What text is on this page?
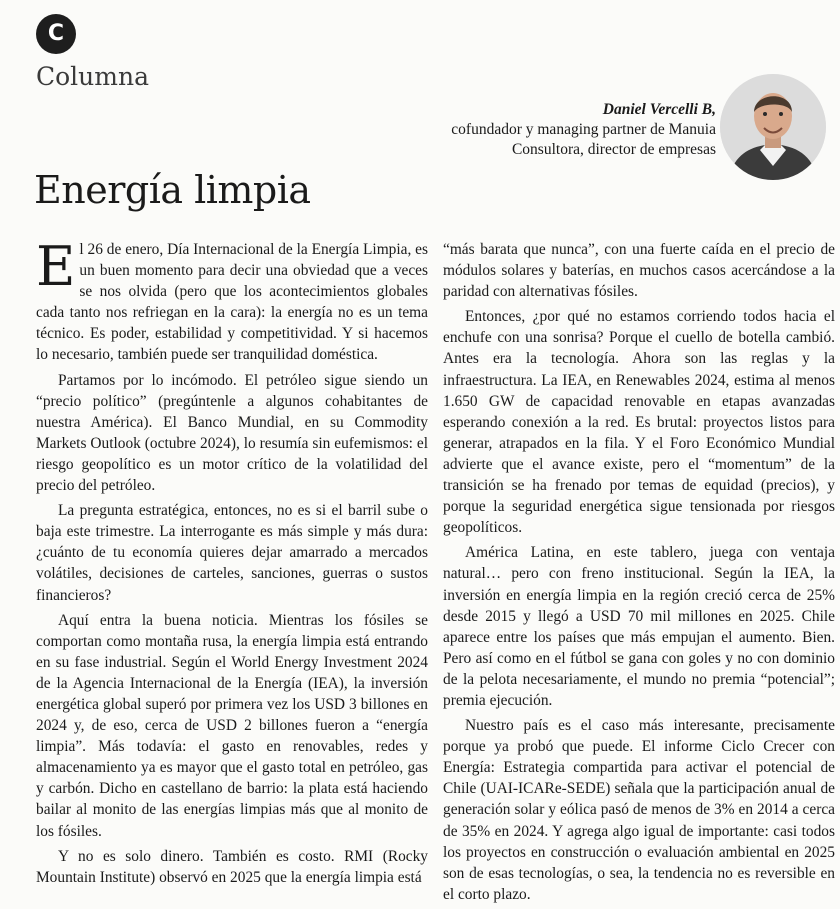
C
Columna
Daniel Vercelli B,
cofundador y managing partner de Manuia Consultora, director de empresas
Energía limpia

El 26 de enero, Día Internacional de la Energía Limpia, es un buen momento para decir una obviedad que a veces se nos olvida (pero que los acontecimientos globales cada tanto nos refriegan en la cara): la energía no es un tema técnico. Es poder, estabilidad y competitividad. Y si hacemos lo necesario, también puede ser tranquilidad doméstica.

Partamos por lo incómodo. El petróleo sigue siendo un “precio político” (pregúntenle a algunos cohabitantes de nuestra América). El Banco Mundial, en su Commodity Markets Outlook (octubre 2024), lo resumía sin eufemismos: el riesgo geopolítico es un motor crítico de la volatilidad del precio del petróleo.

La pregunta estratégica, entonces, no es si el barril sube o baja este trimestre. La interrogante es más simple y más dura: ¿cuánto de tu economía quieres dejar amarrado a mercados volátiles, decisiones de carteles, sanciones, guerras o sustos financieros?

Aquí entra la buena noticia. Mientras los fósiles se comportan como montaña rusa, la energía limpia está entrando en su fase industrial. Según el World Energy Investment 2024 de la Agencia Internacional de la Energía (IEA), la inversión energética global superó por primera vez los USD 3 billones en 2024 y, de eso, cerca de USD 2 billones fueron a “energía limpia”. Más todavía: el gasto en renovables, redes y almacenamiento ya es mayor que el gasto total en petróleo, gas y carbón. Dicho en castellano de barrio: la plata está haciendo bailar al monito de las energías limpias más que al monito de los fósiles.

Y no es solo dinero. También es costo. RMI (Rocky Mountain Institute) observó en 2025 que la energía limpia está

“más barata que nunca”, con una fuerte caída en el precio de módulos solares y baterías, en muchos casos acercándose a la paridad con alternativas fósiles.

Entonces, ¿por qué no estamos corriendo todos hacia el enchufe con una sonrisa? Porque el cuello de botella cambió. Antes era la tecnología. Ahora son las reglas y la infraestructura. La IEA, en Renewables 2024, estima al menos 1.650 GW de capacidad renovable en etapas avanzadas esperando conexión a la red. Es brutal: proyectos listos para generar, atrapados en la fila. Y el Foro Económico Mundial advierte que el avance existe, pero el “momentum” de la transición se ha frenado por temas de equidad (precios), y porque la seguridad energética sigue tensionada por riesgos geopolíticos.

América Latina, en este tablero, juega con ventaja natural… pero con freno institucional. Según la IEA, la inversión en energía limpia en la región creció cerca de 25% desde 2015 y llegó a USD 70 mil millones en 2025. Chile aparece entre los países que más empujan el aumento. Bien. Pero así como en el fútbol se gana con goles y no con dominio de la pelota necesariamente, el mundo no premia “potencial”; premia ejecución.

Nuestro país es el caso más interesante, precisamente porque ya probó que puede. El informe Ciclo Crecer con Energía: Estrategia compartida para activar el potencial de Chile (UAI-ICARe-SEDE) señala que la participación anual de generación solar y eólica pasó de menos de 3% en 2014 a cerca de 35% en 2024. Y agrega algo igual de importante: casi todos los proyectos en construcción o evaluación ambiental en 2025 son de esas tecnologías, o sea, la tendencia no es reversible en el corto plazo.
